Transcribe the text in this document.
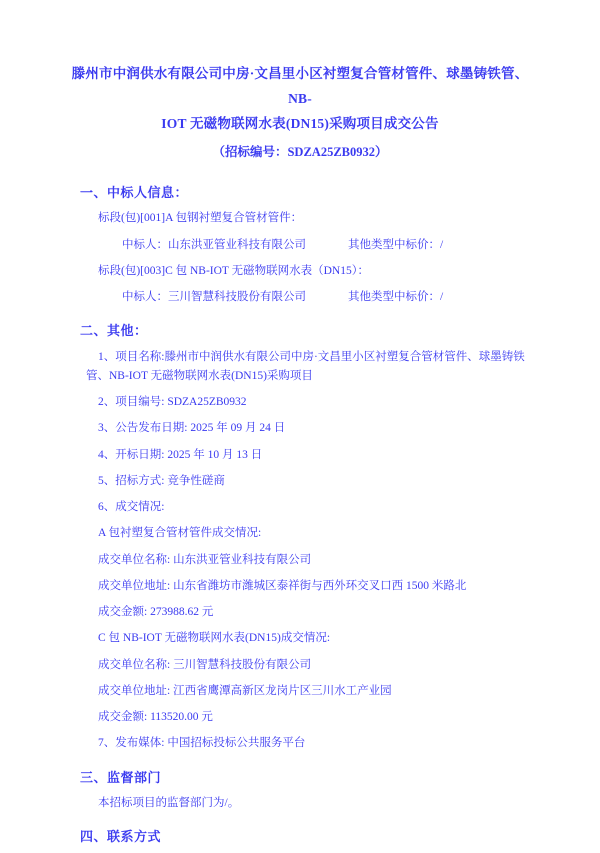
滕州市中润供水有限公司中房·文昌里小区衬塑复合管材管件、球墨铸铁管、NB-
IOT 无磁物联网水表(DN15)采购项目成交公告
（招标编号：SDZA25ZB0932）
一、中标人信息：
标段(包)[001]A 包钢衬塑复合管材管件：
中标人：山东洪亚管业科技有限公司	其他类型中标价：/
标段(包)[003]C 包 NB-IOT 无磁物联网水表（DN15）：
中标人：三川智慧科技股份有限公司	其他类型中标价：/
二、其他：
1、项目名称:滕州市中润供水有限公司中房·文昌里小区衬塑复合管材管件、球墨铸铁
管、NB-IOT 无磁物联网水表(DN15)采购项目
2、项目编号: SDZA25ZB0932
3、公告发布日期: 2025 年 09 月 24 日
4、开标日期: 2025 年 10 月 13 日
5、招标方式: 竞争性磋商
6、成交情况:
A 包衬塑复合管材管件成交情况:
成交单位名称: 山东洪亚管业科技有限公司
成交单位地址: 山东省潍坊市潍城区泰祥街与西外环交叉口西 1500 米路北
成交金额: 273988.62 元
C 包 NB-IOT 无磁物联网水表(DN15)成交情况:
成交单位名称: 三川智慧科技股份有限公司
成交单位地址: 江西省鹰潭高新区龙岗片区三川水工产业园
成交金额: 113520.00 元
7、发布媒体: 中国招标投标公共服务平台
三、监督部门
本招标项目的监督部门为/。
四、联系方式
